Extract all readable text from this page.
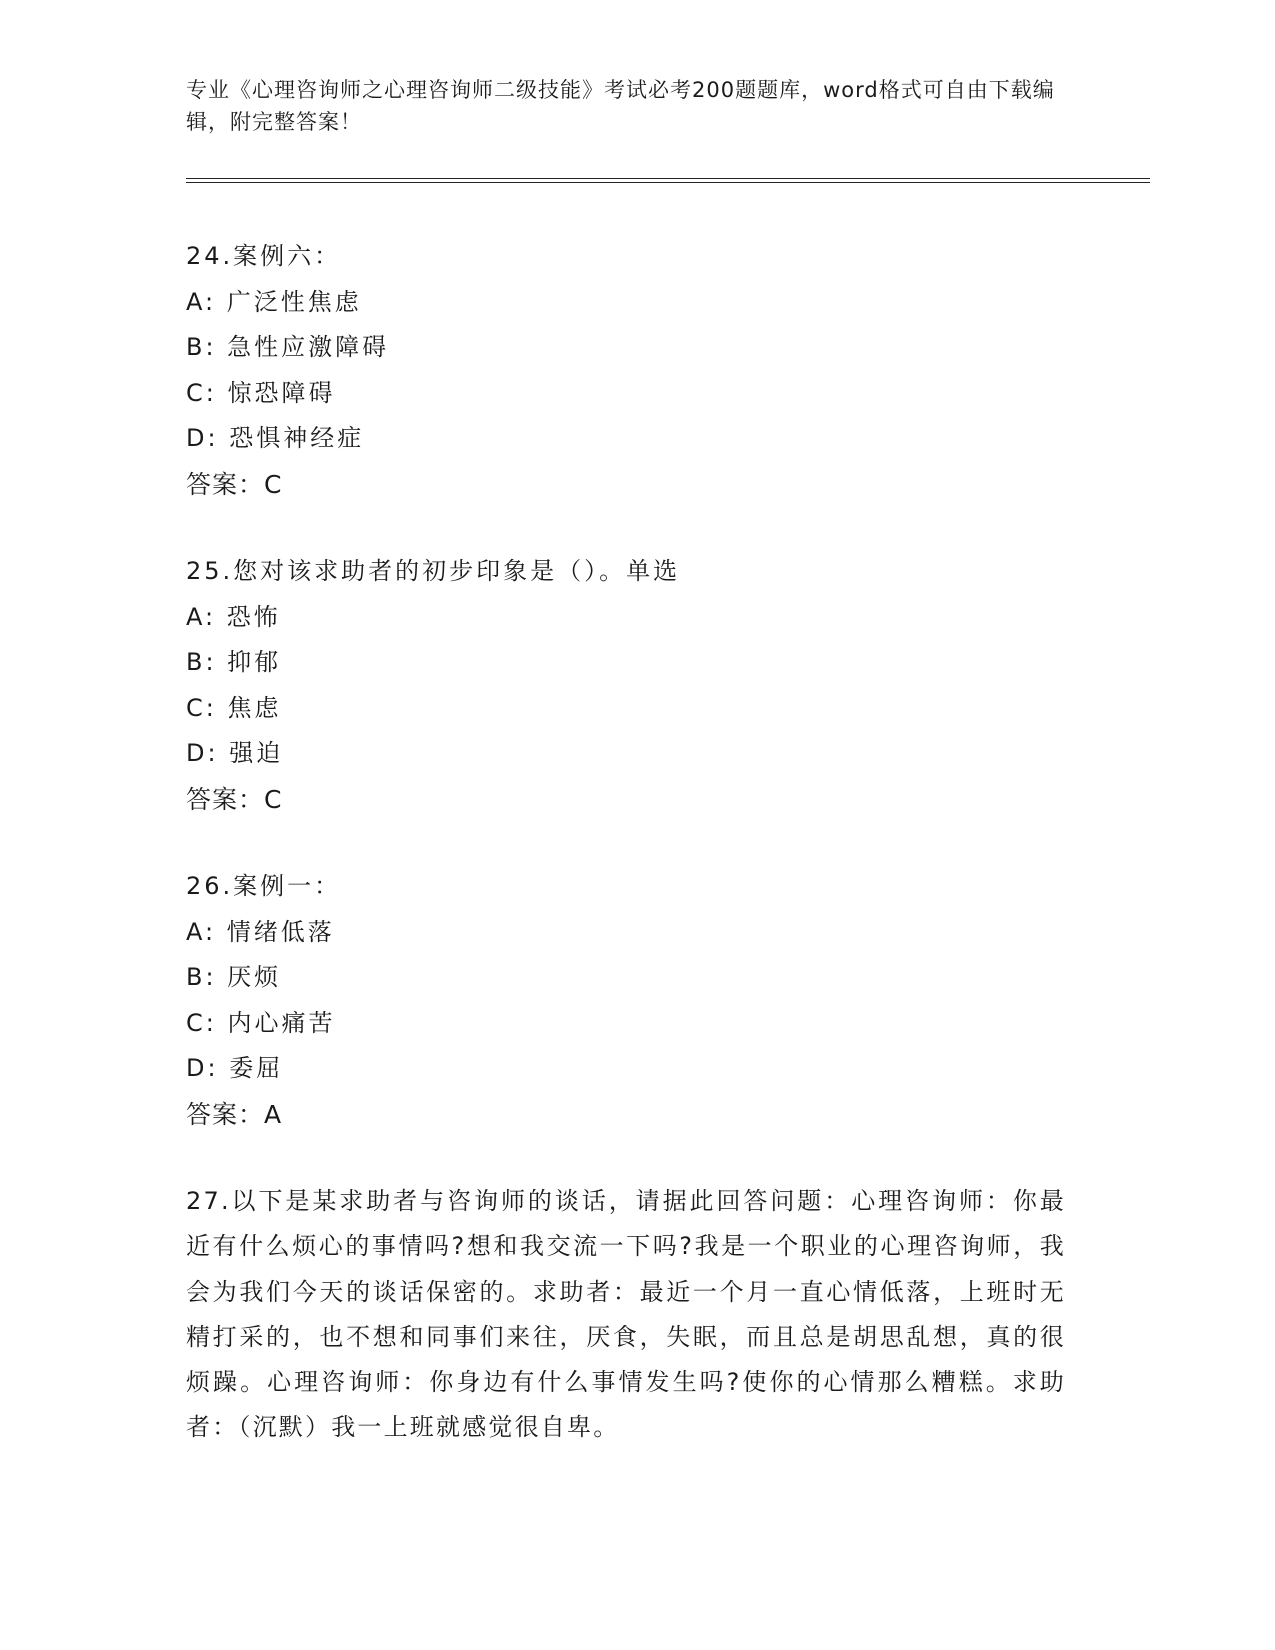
专业《心理咨询师之心理咨询师二级技能》考试必考200题题库，word格式可自由下载编辑，附完整答案！
24.案例六：
A: 广泛性焦虑
B: 急性应激障碍
C: 惊恐障碍
D: 恐惧神经症
答案：C
25.您对该求助者的初步印象是（）。单选
A: 恐怖
B: 抑郁
C: 焦虑
D: 强迫
答案：C
26.案例一：
A: 情绪低落
B: 厌烦
C: 内心痛苦
D: 委屈
答案：A
27.以下是某求助者与咨询师的谈话，请据此回答问题：心理咨询师：你最近有什么烦心的事情吗?想和我交流一下吗?我是一个职业的心理咨询师，我会为我们今天的谈话保密的。求助者：最近一个月一直心情低落，上班时无精打采的，也不想和同事们来往，厌食，失眠，而且总是胡思乱想，真的很烦躁。心理咨询师：你身边有什么事情发生吗?使你的心情那么糟糕。求助者：（沉默）我一上班就感觉很自卑。
